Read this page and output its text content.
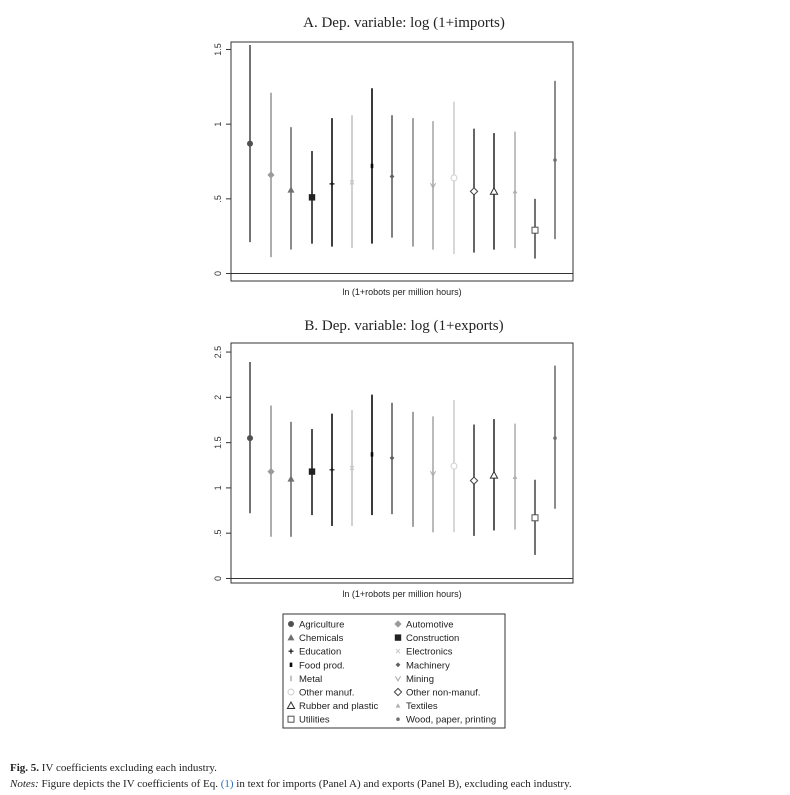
A. Dep. variable: log (1+imports)
0
.5
1
1.5
ln (1+robots per million hours)
B. Dep. variable: log (1+exports)
0
.5
1
1.5
2
2.5
ln (1+robots per million hours)
Agriculture	Automotive
Chemicals	Construction
Education	Electronics
Food prod.	Machinery
Metal	Mining
Other manuf.	Other non-manuf.
Rubber and plastic	Textiles
Utilities	Wood, paper, printing
Fig. 5. IV coefficients excluding each industry.
Notes: Figure depicts the IV coefficients of Eq. (1) in text for imports (Panel A) and exports (Panel B), excluding each industry.
